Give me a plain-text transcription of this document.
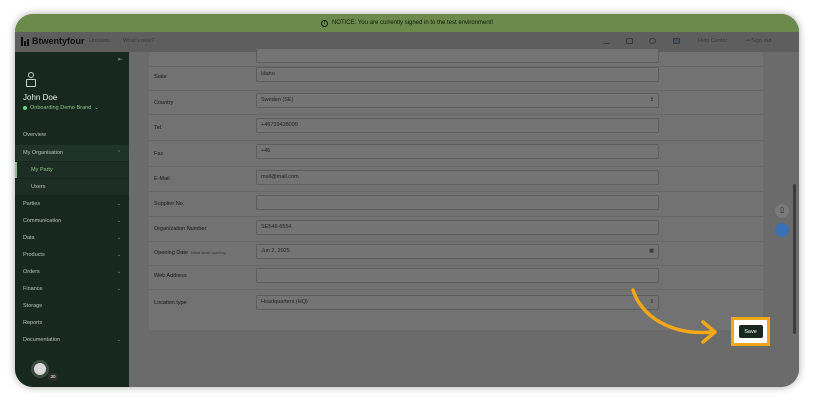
!	NOTICE: You are currently signed in to the test environment!
Btwentyfour Unreads What's new?	Help Center	⇥ Sign out
⇤
John Doe
Onboarding Demo Brand ⌄
Overview
My Organisation	⌃
My Party
Users
Parties	⌄
Communication	⌄
Data	⌄
Products	⌄
Orders	⌄
Finance	⌄
Storage
Reports
Documentation	⌄
30
State	Idaho
Country	Sweden (SE)	⇕
Tel.	+46739428099
Fax	+46
E-Mail	mail@mail.com
Supplier No.
Organization Number	SE546-6554
Opening Date Initial store opening	Jun 2, 2025	▦
Web Address
Location type	Headquarters (HQ)	⇕
▯
Save
